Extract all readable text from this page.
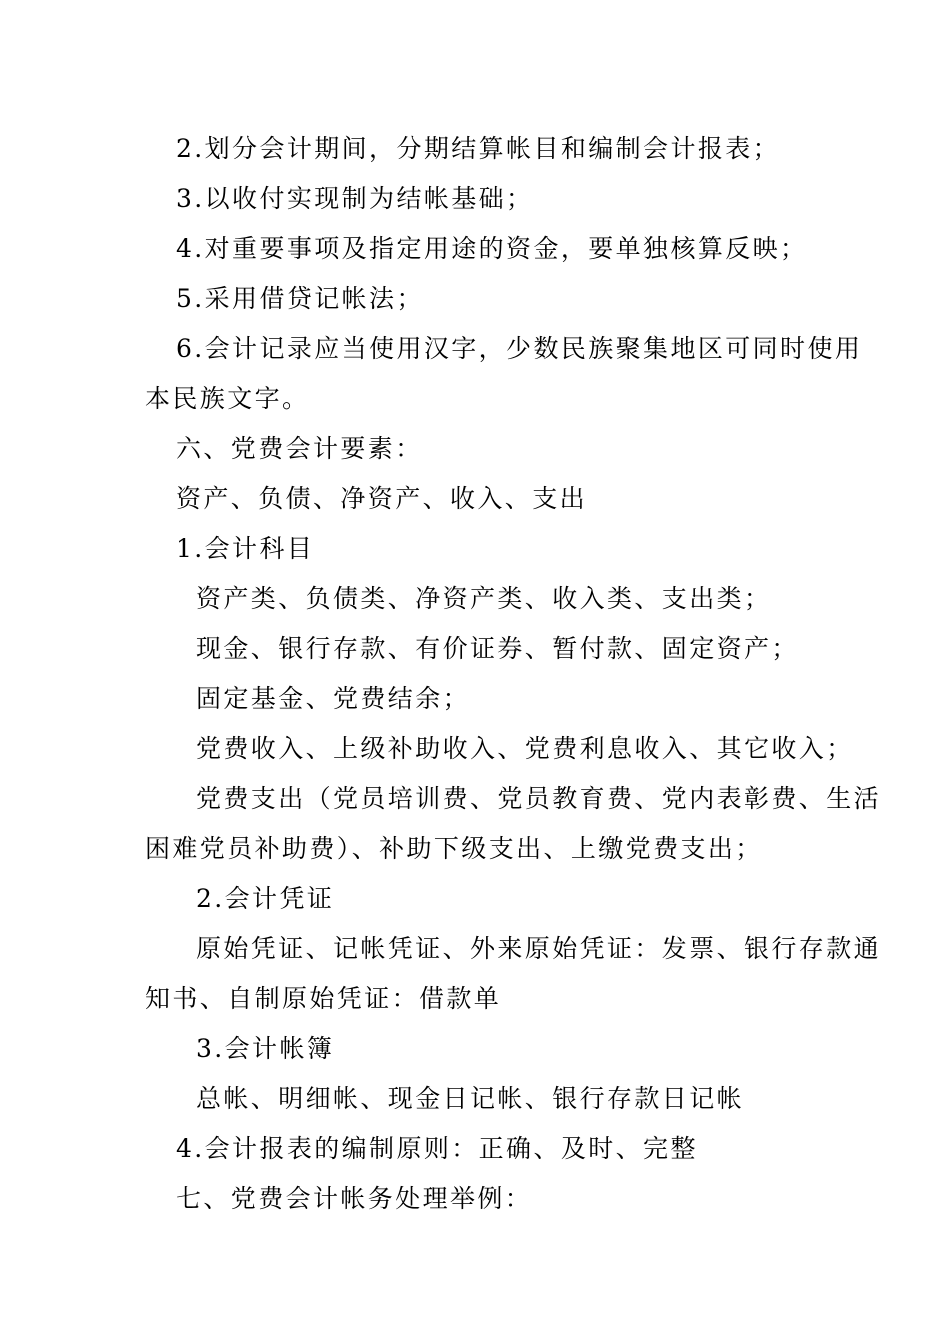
2.划分会计期间，分期结算帐目和编制会计报表；
3.以收付实现制为结帐基础；
4.对重要事项及指定用途的资金，要单独核算反映；
5.采用借贷记帐法；
6.会计记录应当使用汉字，少数民族聚集地区可同时使用
本民族文字。
六、党费会计要素：
资产、负债、净资产、收入、支出
1.会计科目
资产类、负债类、净资产类、收入类、支出类；
现金、银行存款、有价证券、暂付款、固定资产；
固定基金、党费结余；
党费收入、上级补助收入、党费利息收入、其它收入；
党费支出（党员培训费、党员教育费、党内表彰费、生活
困难党员补助费）、补助下级支出、上缴党费支出；
2.会计凭证
原始凭证、记帐凭证、外来原始凭证：发票、银行存款通
知书、自制原始凭证：借款单
3.会计帐簿
总帐、明细帐、现金日记帐、银行存款日记帐
4.会计报表的编制原则：正确、及时、完整
七、党费会计帐务处理举例：
